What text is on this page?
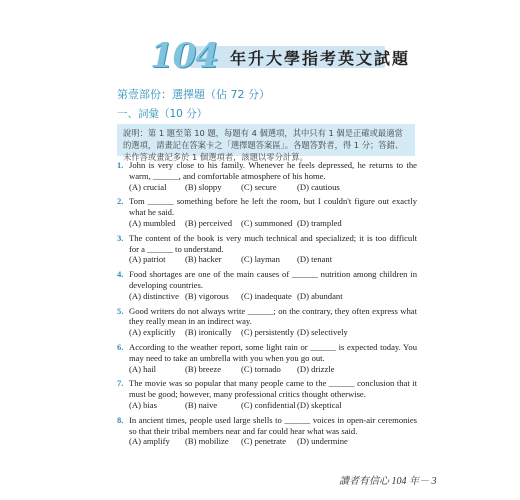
104 年升大學指考英文試題
第壹部份：選擇題（佔 72 分）
一、詞彙（10 分）
說明：第 1 題至第 10 題，每題有 4 個選項，其中只有 1 個是正確或最適當的選項，請畫記在答案卡之「選擇題答案區」。各題答對者，得 1 分；答錯、未作答或畫記多於 1 個選項者，該題以零分計算。
1. John is very close to his family. Whenever he feels depressed, he returns to the warm, ______, and comfortable atmosphere of his home.
(A) crucial	(B) sloppy	(C) secure	(D) cautious
2. Tom ______ something before he left the room, but I couldn't figure out exactly what he said.
(A) mumbled	(B) perceived	(C) summoned (D) trampled
3. The content of the book is very much technical and specialized; it is too difficult for a ______ to understand.
(A) patriot	(B) hacker	(C) layman	(D) tenant
4. Food shortages are one of the main causes of ______ nutrition among children in developing countries.
(A) distinctive (B) vigorous	(C) inadequate (D) abundant
5. Good writers do not always write ______; on the contrary, they often express what they really mean in an indirect way.
(A) explicitly	(B) ironically	(C) persistently (D) selectively
6. According to the weather report, some light rain or ______ is expected today. You may need to take an umbrella with you when you go out.
(A) hail	(B) breeze	(C) tornado	(D) drizzle
7. The movie was so popular that many people came to the ______ conclusion that it must be good; however, many professional critics thought otherwise.
(A) bias	(B) naive	(C) confidential (D) skeptical
8. In ancient times, people used large shells to ______ voices in open-air ceremonies so that their tribal members near and far could hear what was said.
(A) amplify	(B) mobilize	(C) penetrate	(D) undermine
讀者有信心 104 年－ 3
